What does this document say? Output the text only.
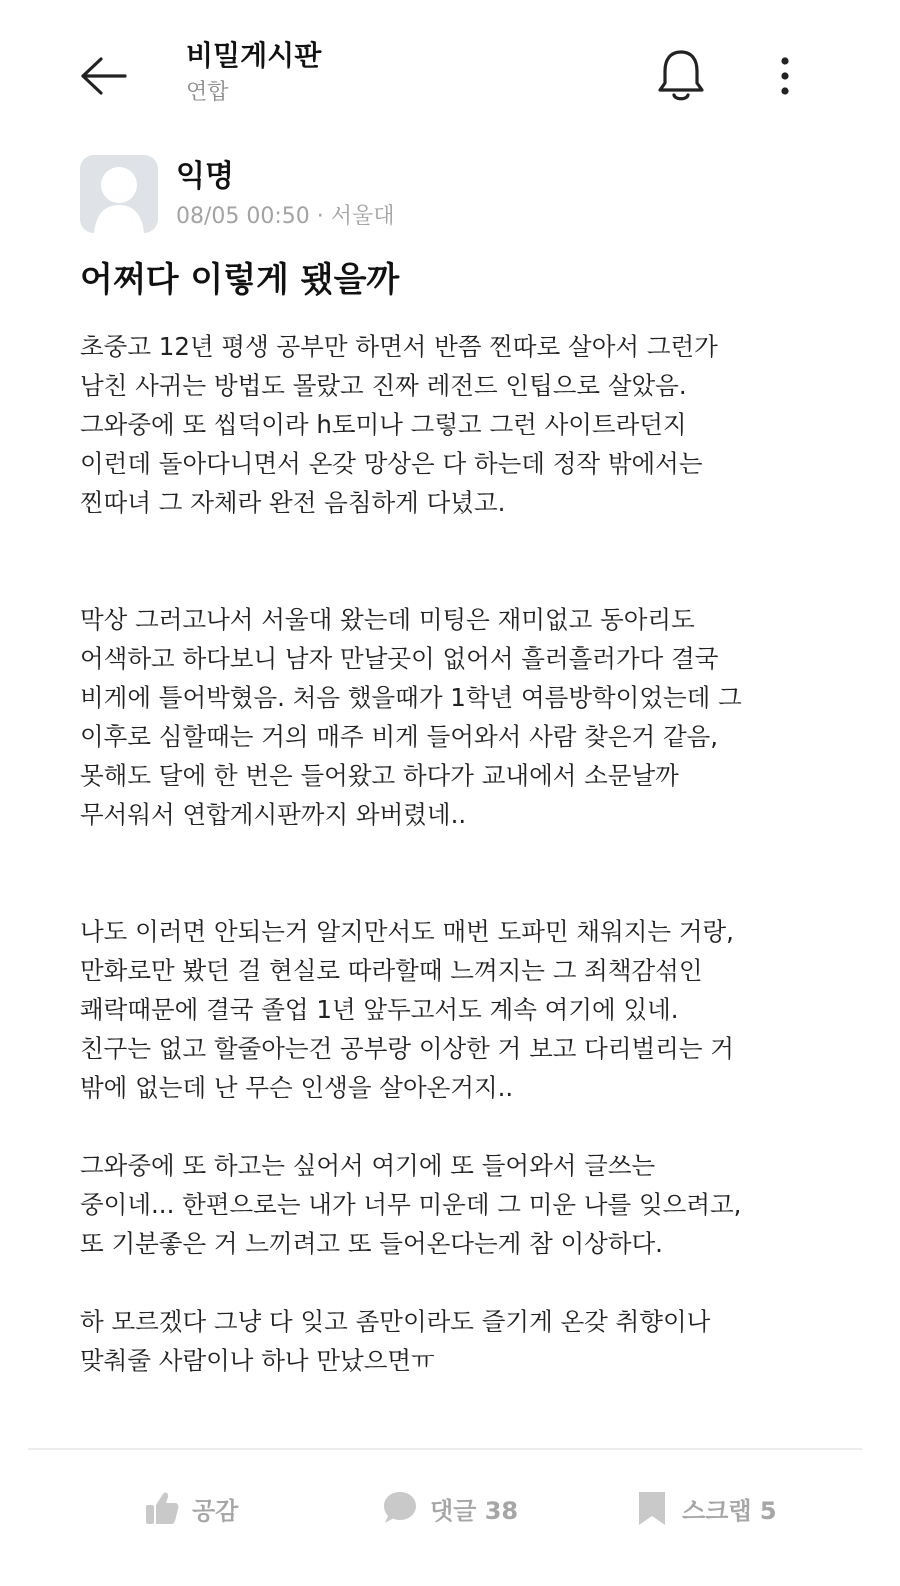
비밀게시판
연합
익명
08/05 00:50 · 서울대
어쩌다 이렇게 됐을까
초중고 12년 평생 공부만 하면서 반쯤 찐따로 살아서 그런가
남친 사귀는 방법도 몰랐고 진짜 레전드 인팁으로 살았음.
그와중에 또 씹덕이라 h토미나 그렇고 그런 사이트라던지
이런데 돌아다니면서 온갖 망상은 다 하는데 정작 밖에서는
찐따녀 그 자체라 완전 음침하게 다녔고.
막상 그러고나서 서울대 왔는데 미팅은 재미없고 동아리도
어색하고 하다보니 남자 만날곳이 없어서 흘러흘러가다 결국
비게에 틀어박혔음. 처음 했을때가 1학년 여름방학이었는데 그
이후로 심할때는 거의 매주 비게 들어와서 사람 찾은거 같음,
못해도 달에 한 번은 들어왔고 하다가 교내에서 소문날까
무서워서 연합게시판까지 와버렸네..
나도 이러면 안되는거 알지만서도 매번 도파민 채워지는 거랑,
만화로만 봤던 걸 현실로 따라할때 느껴지는 그 죄책감섞인
쾌락때문에 결국 졸업 1년 앞두고서도 계속 여기에 있네.
친구는 없고 할줄아는건 공부랑 이상한 거 보고 다리벌리는 거
밖에 없는데 난 무슨 인생을 살아온거지..
그와중에 또 하고는 싶어서 여기에 또 들어와서 글쓰는
중이네... 한편으로는 내가 너무 미운데 그 미운 나를 잊으려고,
또 기분좋은 거 느끼려고 또 들어온다는게 참 이상하다.
하 모르겠다 그냥 다 잊고 좀만이라도 즐기게 온갖 취향이나
맞춰줄 사람이나 하나 만났으면ㅠ
공감	댓글 38	스크랩 5
